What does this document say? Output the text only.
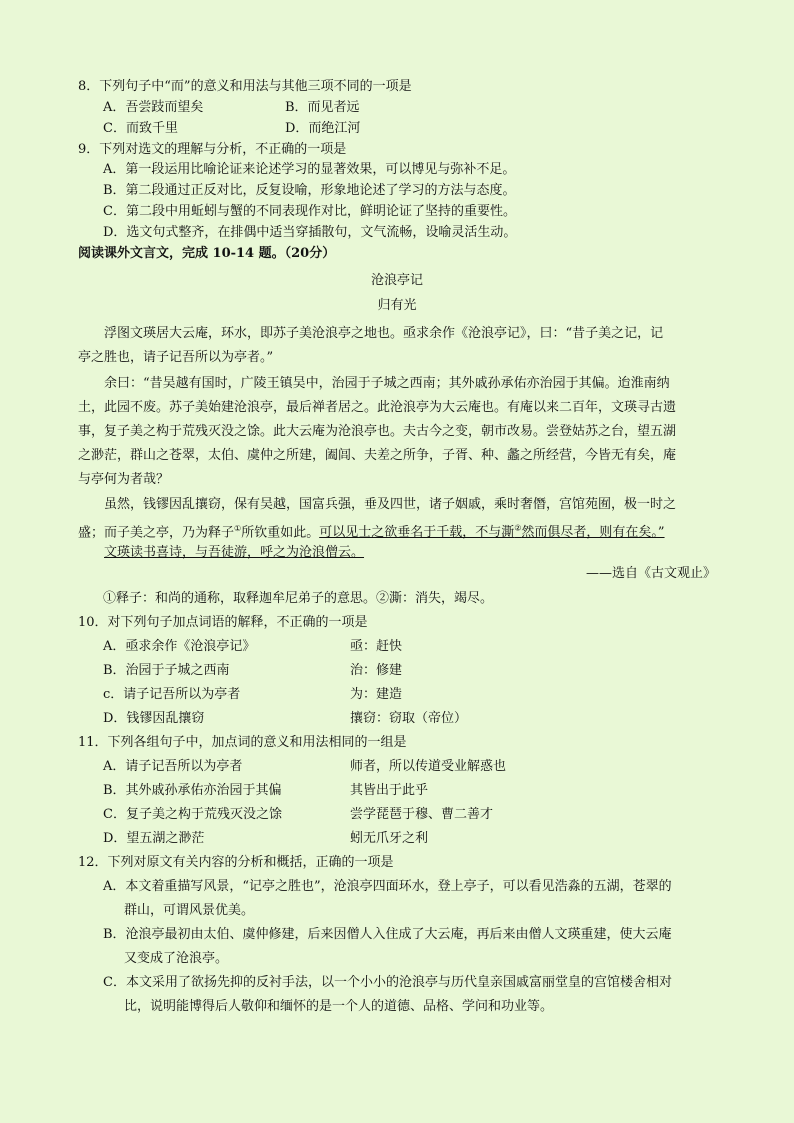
8．下列句子中“而”的意义和用法与其他三项不同的一项是
A．吾尝跂而望矣	B．而见者远
C．而致千里	D．而绝江河
9．下列对选文的理解与分析，不正确的一项是
A．第一段运用比喻论证来论述学习的显著效果，可以博见与弥补不足。
B．第二段通过正反对比，反复设喻，形象地论述了学习的方法与态度。
C．第二段中用蚯蚓与蟹的不同表现作对比，鲜明论证了坚持的重要性。
D．选文句式整齐，在排偶中适当穿插散句，文气流畅，设喻灵活生动。
阅读课外文言文，完成 10-14 题。（20分）
沧浪亭记
归有光
浮图文瑛居大云庵，环水，即苏子美沧浪亭之地也。亟求余作《沧浪亭记》，曰：“昔子美之记，记
亭之胜也，请子记吾所以为亭者。”
余曰：“昔吴越有国时，广陵王镇吴中，治园于子城之西南；其外戚孙承佑亦治园于其偏。迨淮南纳
土，此园不废。苏子美始建沧浪亭，最后禅者居之。此沧浪亭为大云庵也。有庵以来二百年，文瑛寻古遗
事，复子美之构于荒残灭没之馀。此大云庵为沧浪亭也。夫古今之变，朝市改易。尝登姑苏之台，望五湖
之渺茫，群山之苍翠，太伯、虞仲之所建，阖闾、夫差之所争，子胥、种、蠡之所经营，今皆无有矣，庵
与亭何为者哉？
虽然，钱镠因乱攘窃，保有吴越，国富兵强，垂及四世，诸子姻戚，乘时奢僭，宫馆苑囿，极一时之
盛；而子美之亭，乃为释子①所钦重如此。可以见士之欲垂名于千载，不与澌②然而俱尽者，则有在矣。”
文瑛读书喜诗，与吾徒游，呼之为沧浪僧云。
——选自《古文观止》
①释子：和尚的通称，取释迦牟尼弟子的意思。②澌：消失，竭尽。
10．对下列句子加点词语的解释，不正确的一项是
A．亟求余作《沧浪亭记》	亟：赶快
B．治园于子城之西南	治：修建
c．请子记吾所以为亭者	为：建造
D．钱镠因乱攘窃	攘窃：窃取（帝位）
11．下列各组句子中，加点词的意义和用法相同的一组是
A．请子记吾所以为亭者	师者，所以传道受业解惑也
B．其外戚孙承佑亦治园于其偏	其皆出于此乎
C．复子美之构于荒残灭没之馀	尝学琵琶于穆、曹二善才
D．望五湖之渺茫	蚓无爪牙之利
12．下列对原文有关内容的分析和概括，正确的一项是
A．本文着重描写风景，“记亭之胜也”，沧浪亭四面环水，登上亭子，可以看见浩淼的五湖，苍翠的
群山，可谓风景优美。
B．沧浪亭最初由太伯、虞仲修建，后来因僧人入住成了大云庵，再后来由僧人文瑛重建，使大云庵
又变成了沧浪亭。
C．本文采用了欲扬先抑的反衬手法，以一个小小的沧浪亭与历代皇亲国戚富丽堂皇的宫馆楼舍相对
比，说明能博得后人敬仰和缅怀的是一个人的道德、品格、学问和功业等。
